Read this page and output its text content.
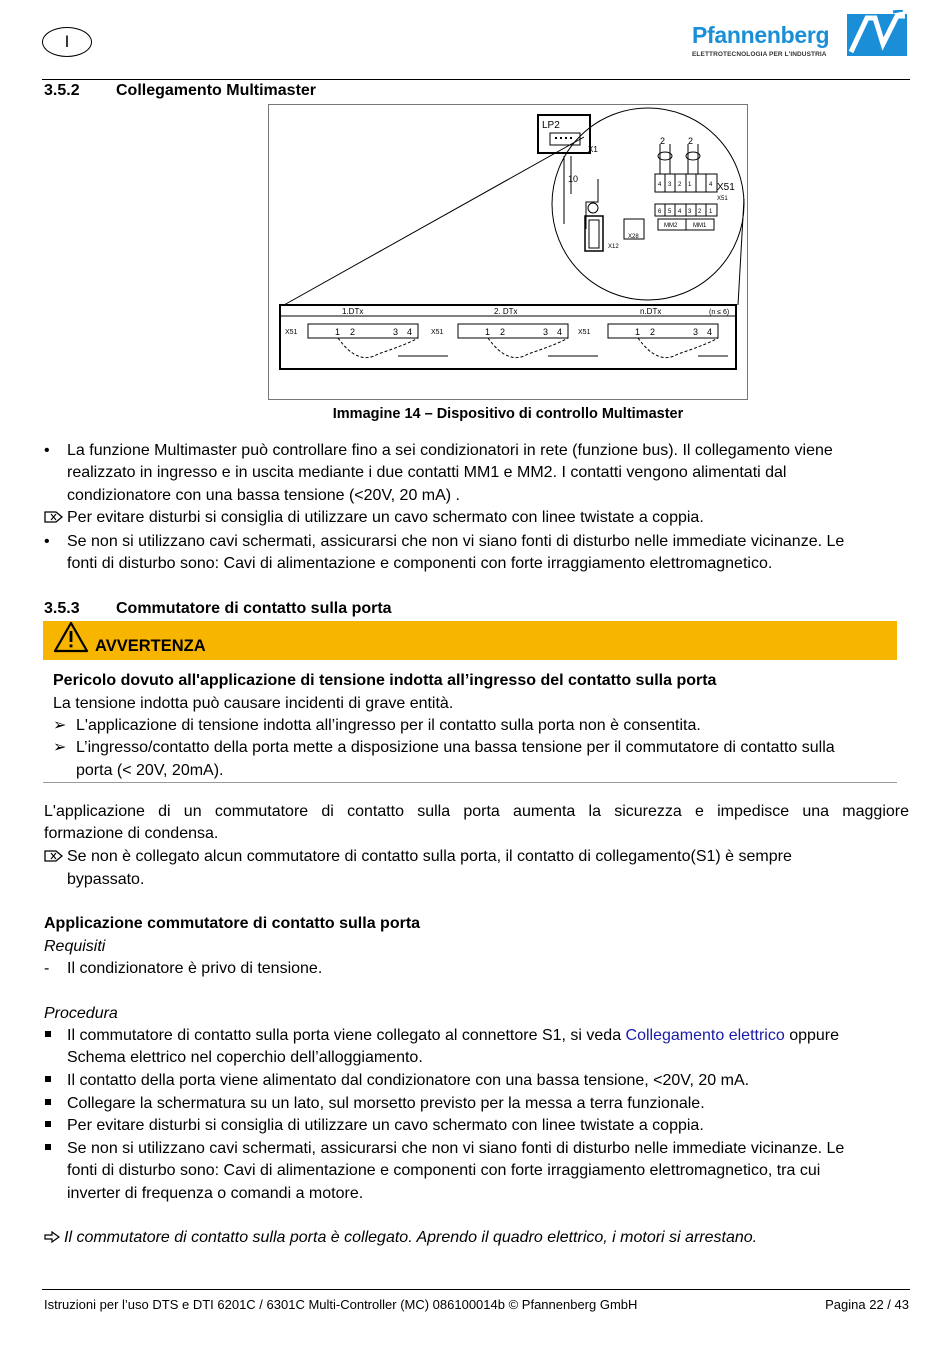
I	Pfannenberg
ELETTROTECNOLOGIA PER L'INDUSTRIA
3.5.2 Collegamento Multimaster
LP2
X1
10
X51
X51
X12
X28
MM2	MM1
2	2
4 3 2 1	4
6 5 4 3 2 1
1.DTx	2. DTx	n.DTx	(n ≤ 6)
X51	X51	X51
1 2	3 4	1 2	3 4	1 2	3 4
Immagine 14 – Dispositivo di controllo Multimaster
• La funzione Multimaster può controllare fino a sei condizionatori in rete (funzione bus). Il collegamento viene
realizzato in ingresso e in uscita mediante i due contatti MM1 e MM2. I contatti vengono alimentati dal
condizionatore con una bassa tensione (<20V, 20 mA) .
Per evitare disturbi si consiglia di utilizzare un cavo schermato con linee twistate a coppia.
• Se non si utilizzano cavi schermati, assicurarsi che non vi siano fonti di disturbo nelle immediate vicinanze. Le
fonti di disturbo sono: Cavi di alimentazione e componenti con forte irraggiamento elettromagnetico.
3.5.3 Commutatore di contatto sulla porta
AVVERTENZA
Pericolo dovuto all'applicazione di tensione indotta all’ingresso del contatto sulla porta
La tensione indotta può causare incidenti di grave entità.
➢ L'applicazione di tensione indotta all’ingresso per il contatto sulla porta non è consentita.
➢ L’ingresso/contatto della porta mette a disposizione una bassa tensione per il commutatore di contatto sulla
porta (< 20V, 20mA).
L'applicazione di un commutatore di contatto sulla porta aumenta la sicurezza e impedisce una maggiore
formazione di condensa.
Se non è collegato alcun commutatore di contatto sulla porta, il contatto di collegamento(S1) è sempre
bypassato.
Applicazione commutatore di contatto sulla porta
Requisiti
- Il condizionatore è privo di tensione.
Procedura
Il commutatore di contatto sulla porta viene collegato al connettore S1, si veda Collegamento elettrico oppure
Schema elettrico nel coperchio dell’alloggiamento.
Il contatto della porta viene alimentato dal condizionatore con una bassa tensione, <20V, 20 mA.
Collegare la schermatura su un lato, sul morsetto previsto per la messa a terra funzionale.
Per evitare disturbi si consiglia di utilizzare un cavo schermato con linee twistate a coppia.
Se non si utilizzano cavi schermati, assicurarsi che non vi siano fonti di disturbo nelle immediate vicinanze. Le
fonti di disturbo sono: Cavi di alimentazione e componenti con forte irraggiamento elettromagnetico, tra cui
inverter di frequenza o comandi a motore.
Il commutatore di contatto sulla porta è collegato. Aprendo il quadro elettrico, i motori si arrestano.
Istruzioni per l’uso DTS e DTI 6201C / 6301C Multi-Controller (MC) 086100014b © Pfannenberg GmbH	Pagina 22 / 43
